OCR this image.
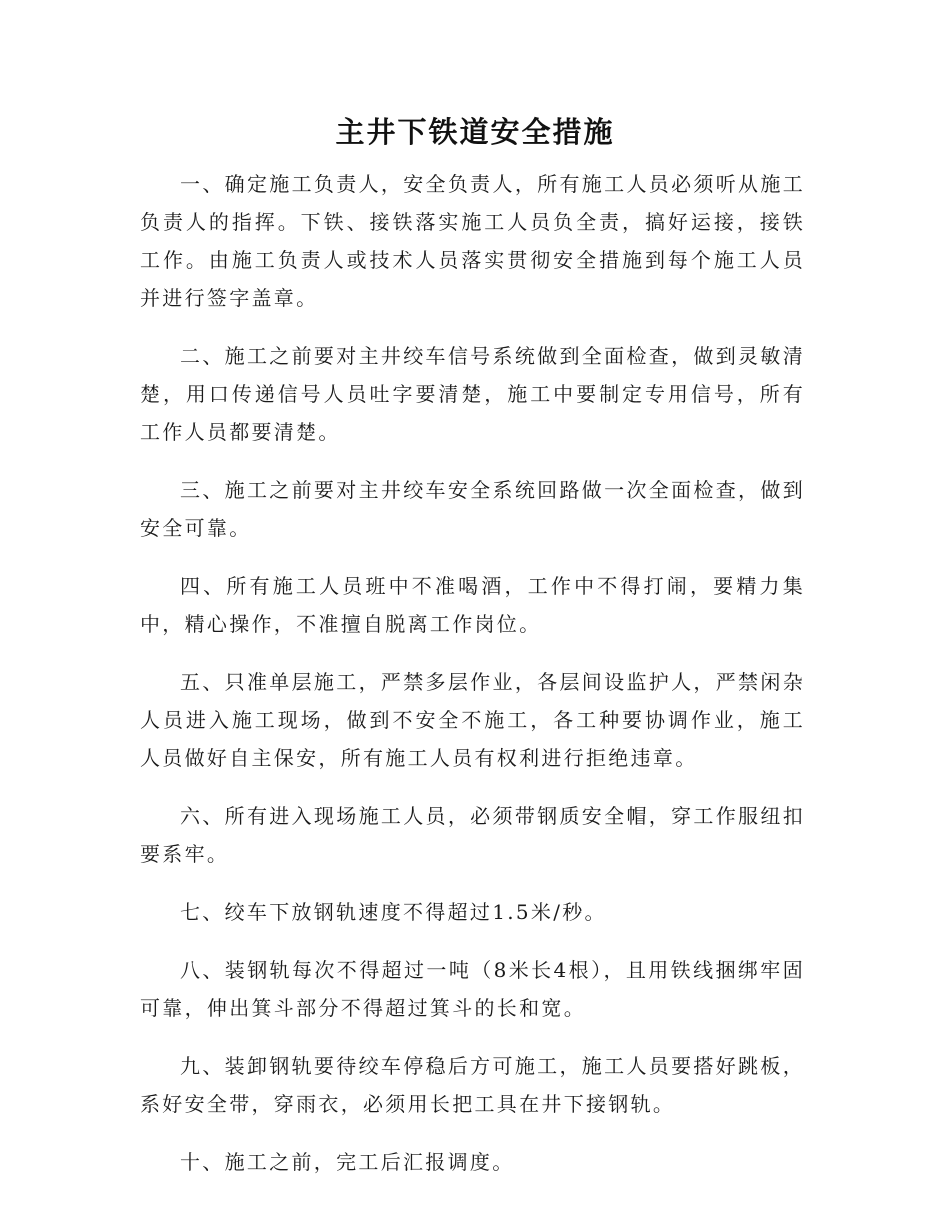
主井下铁道安全措施

一、确定施工负责人，安全负责人，所有施工人员必须听从施工负责人的指挥。下铁、接铁落实施工人员负全责，搞好运接，接铁工作。由施工负责人或技术人员落实贯彻安全措施到每个施工人员并进行签字盖章。

二、施工之前要对主井绞车信号系统做到全面检查，做到灵敏清楚，用口传递信号人员吐字要清楚，施工中要制定专用信号，所有工作人员都要清楚。

三、施工之前要对主井绞车安全系统回路做一次全面检查，做到安全可靠。

四、所有施工人员班中不准喝酒，工作中不得打闹，要精力集中，精心操作，不准擅自脱离工作岗位。

五、只准单层施工，严禁多层作业，各层间设监护人，严禁闲杂人员进入施工现场，做到不安全不施工，各工种要协调作业，施工人员做好自主保安，所有施工人员有权利进行拒绝违章。

六、所有进入现场施工人员，必须带钢质安全帽，穿工作服纽扣要系牢。

七、绞车下放钢轨速度不得超过1.5米/秒。

八、装钢轨每次不得超过一吨（8米长4根），且用铁线捆绑牢固可靠，伸出箕斗部分不得超过箕斗的长和宽。

九、装卸钢轨要待绞车停稳后方可施工，施工人员要搭好跳板，系好安全带，穿雨衣，必须用长把工具在井下接钢轨。

十、施工之前，完工后汇报调度。
